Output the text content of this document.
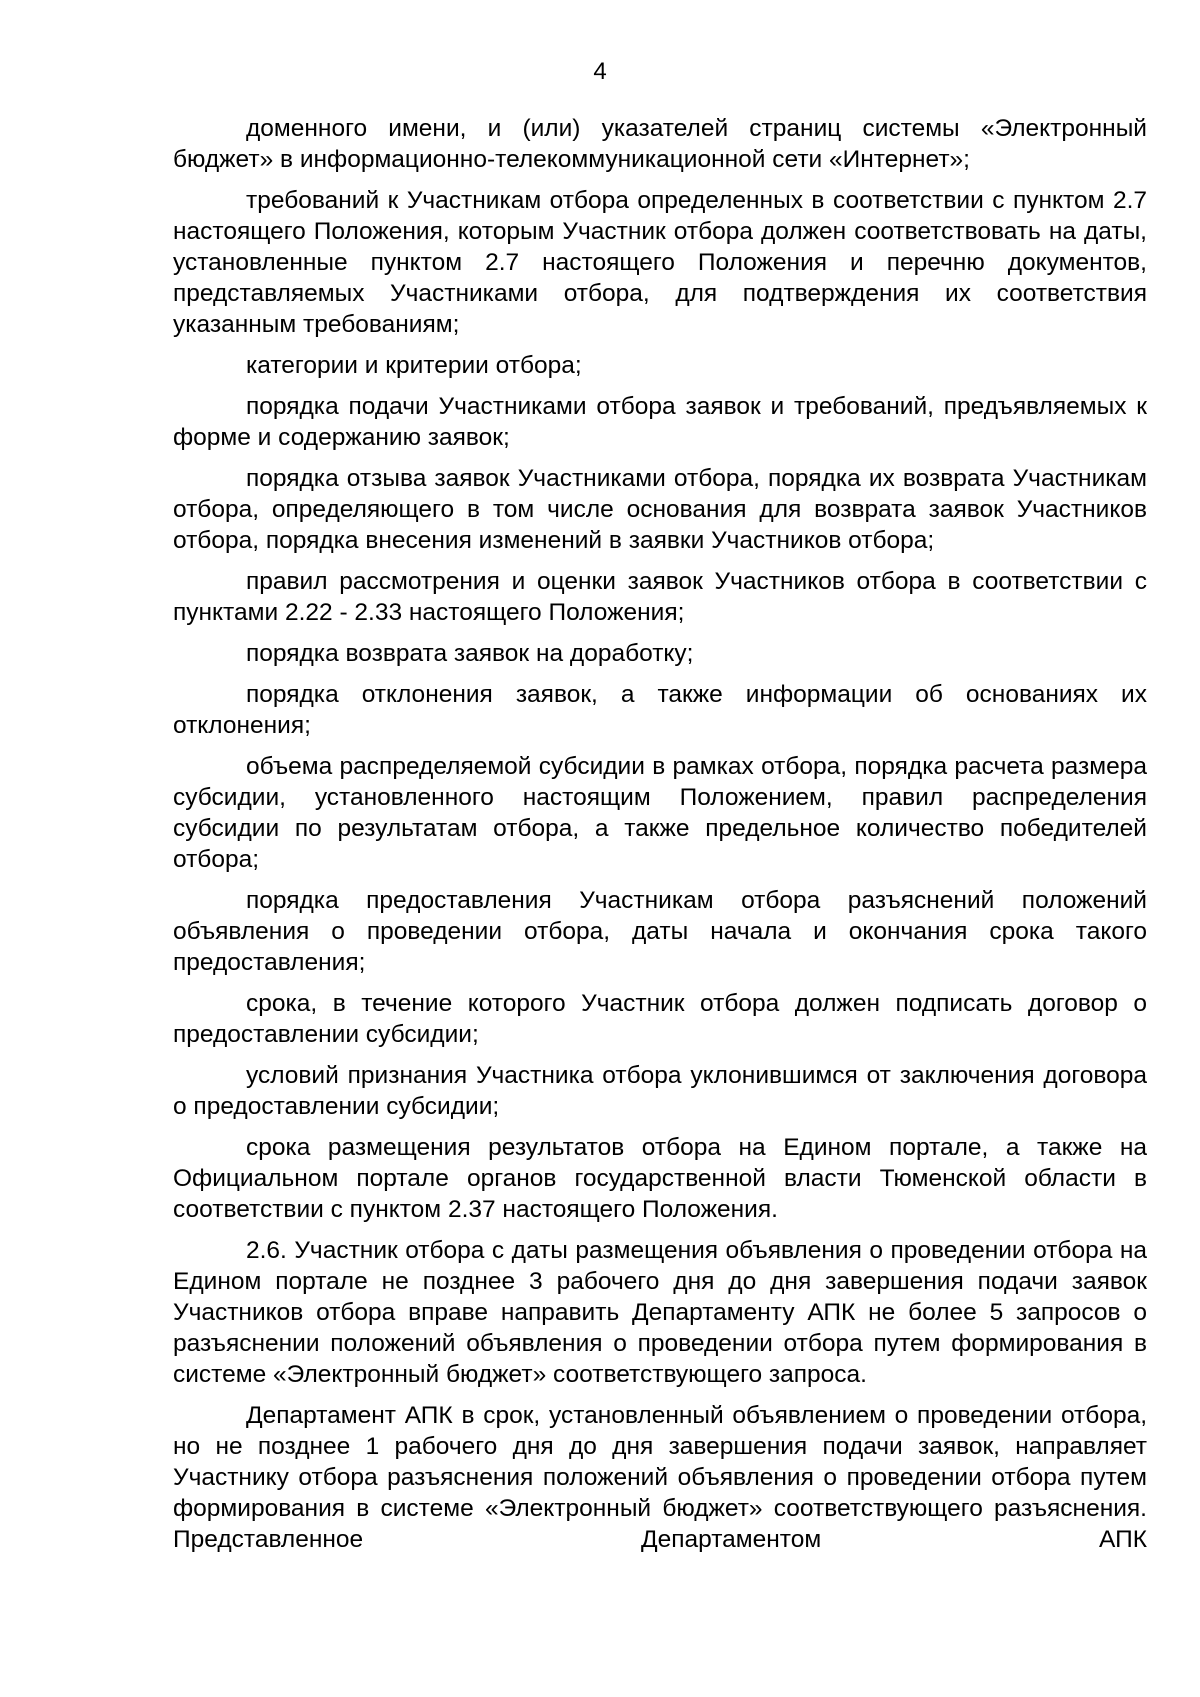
4

доменного имени, и (или) указателей страниц системы «Электронный бюджет» в информационно-телекоммуникационной сети «Интернет»;

требований к Участникам отбора определенных в соответствии с пунктом 2.7 настоящего Положения, которым Участник отбора должен соответствовать на даты, установленные пунктом 2.7 настоящего Положения и перечню документов, представляемых Участниками отбора, для подтверждения их соответствия указанным требованиям;

категории и критерии отбора;

порядка подачи Участниками отбора заявок и требований, предъявляемых к форме и содержанию заявок;

порядка отзыва заявок Участниками отбора, порядка их возврата Участникам отбора, определяющего в том числе основания для возврата заявок Участников отбора, порядка внесения изменений в заявки Участников отбора;

правил рассмотрения и оценки заявок Участников отбора в соответствии с пунктами 2.22 - 2.33 настоящего Положения;

порядка возврата заявок на доработку;

порядка отклонения заявок, а также информации об основаниях их отклонения;

объема распределяемой субсидии в рамках отбора, порядка расчета размера субсидии, установленного настоящим Положением, правил распределения субсидии по результатам отбора, а также предельное количество победителей отбора;

порядка предоставления Участникам отбора разъяснений положений объявления о проведении отбора, даты начала и окончания срока такого предоставления;

срока, в течение которого Участник отбора должен подписать договор о предоставлении субсидии;

условий признания Участника отбора уклонившимся от заключения договора о предоставлении субсидии;

срока размещения результатов отбора на Едином портале, а также на Официальном портале органов государственной власти Тюменской области в соответствии с пунктом 2.37 настоящего Положения.

2.6. Участник отбора с даты размещения объявления о проведении отбора на Едином портале не позднее 3 рабочего дня до дня завершения подачи заявок Участников отбора вправе направить Департаменту АПК не более 5 запросов о разъяснении положений объявления о проведении отбора путем формирования в системе «Электронный бюджет» соответствующего запроса.

Департамент АПК в срок, установленный объявлением о проведении отбора, но не позднее 1 рабочего дня до дня завершения подачи заявок, направляет Участнику отбора разъяснения положений объявления о проведении отбора путем формирования в системе «Электронный бюджет» соответствующего разъяснения. Представленное Департаментом АПК
